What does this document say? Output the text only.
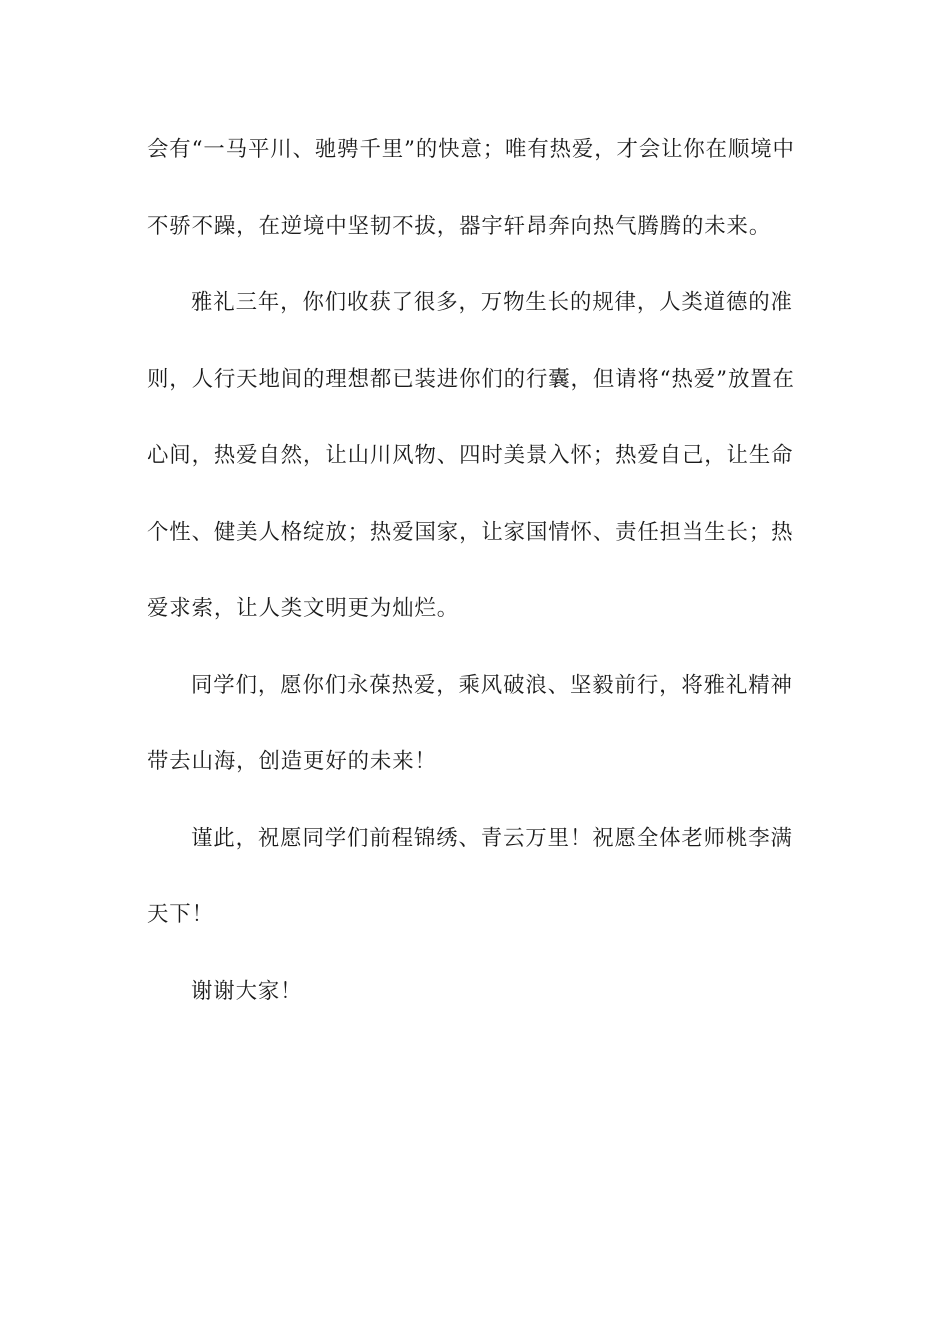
会有“一马平川、驰骋千里”的快意；唯有热爱，才会让你在顺境中不骄不躁，在逆境中坚韧不拔，器宇轩昂奔向热气腾腾的未来。

雅礼三年，你们收获了很多，万物生长的规律，人类道德的准则，人行天地间的理想都已装进你们的行囊，但请将“热爱”放置在心间，热爱自然，让山川风物、四时美景入怀；热爱自己，让生命个性、健美人格绽放；热爱国家，让家国情怀、责任担当生长；热爱求索，让人类文明更为灿烂。

同学们，愿你们永葆热爱，乘风破浪、坚毅前行，将雅礼精神带去山海，创造更好的未来！

谨此，祝愿同学们前程锦绣、青云万里！祝愿全体老师桃李满天下！

谢谢大家！
